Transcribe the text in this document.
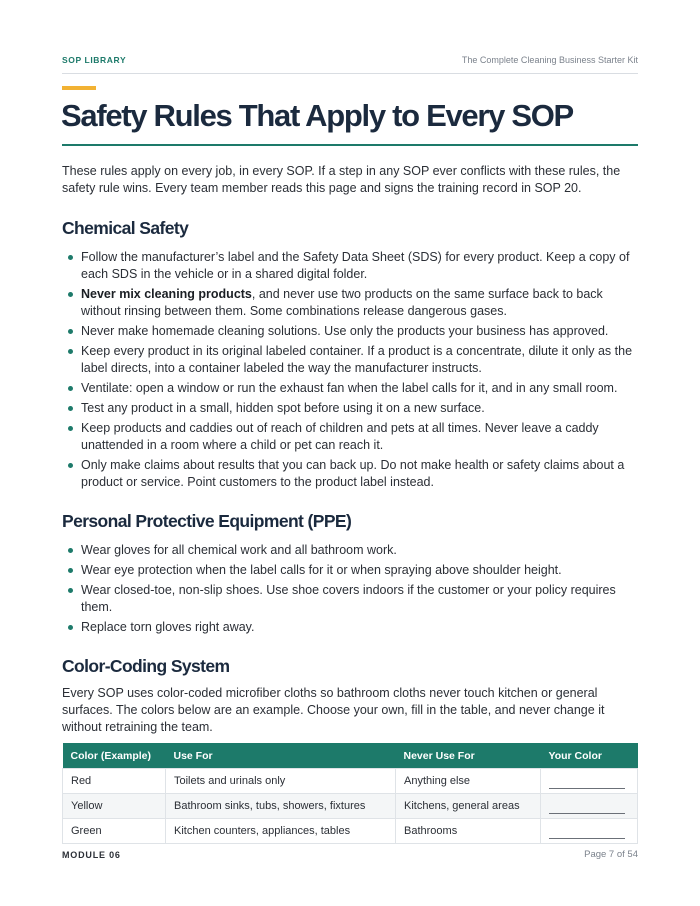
SOP LIBRARY	The Complete Cleaning Business Starter Kit
Safety Rules That Apply to Every SOP

These rules apply on every job, in every SOP. If a step in any SOP ever conflicts with these rules, the safety rule wins. Every team member reads this page and signs the training record in SOP 20.

Chemical Safety
Follow the manufacturer’s label and the Safety Data Sheet (SDS) for every product. Keep a copy of each SDS in the vehicle or in a shared digital folder.
Never mix cleaning products, and never use two products on the same surface back to back without rinsing between them. Some combinations release dangerous gases.
Never make homemade cleaning solutions. Use only the products your business has approved.
Keep every product in its original labeled container. If a product is a concentrate, dilute it only as the label directs, into a container labeled the way the manufacturer instructs.
Ventilate: open a window or run the exhaust fan when the label calls for it, and in any small room.
Test any product in a small, hidden spot before using it on a new surface.
Keep products and caddies out of reach of children and pets at all times. Never leave a caddy unattended in a room where a child or pet can reach it.
Only make claims about results that you can back up. Do not make health or safety claims about a product or service. Point customers to the product label instead.
Personal Protective Equipment (PPE)
Wear gloves for all chemical work and all bathroom work.
Wear eye protection when the label calls for it or when spraying above shoulder height.
Wear closed-toe, non-slip shoes. Use shoe covers indoors if the customer or your policy requires them.
Replace torn gloves right away.
Color-Coding System

Every SOP uses color-coded microfiber cloths so bathroom cloths never touch kitchen or general surfaces. The colors below are an example. Choose your own, fill in the table, and never change it without retraining the team.

Color (Example)	Use For	Never Use For	Your Color
Red	Toilets and urinals only	Anything else	
Yellow	Bathroom sinks, tubs, showers, fixtures	Kitchens, general areas	
Green	Kitchen counters, appliances, tables	Bathrooms	
MODULE 06	Page 7 of 54
